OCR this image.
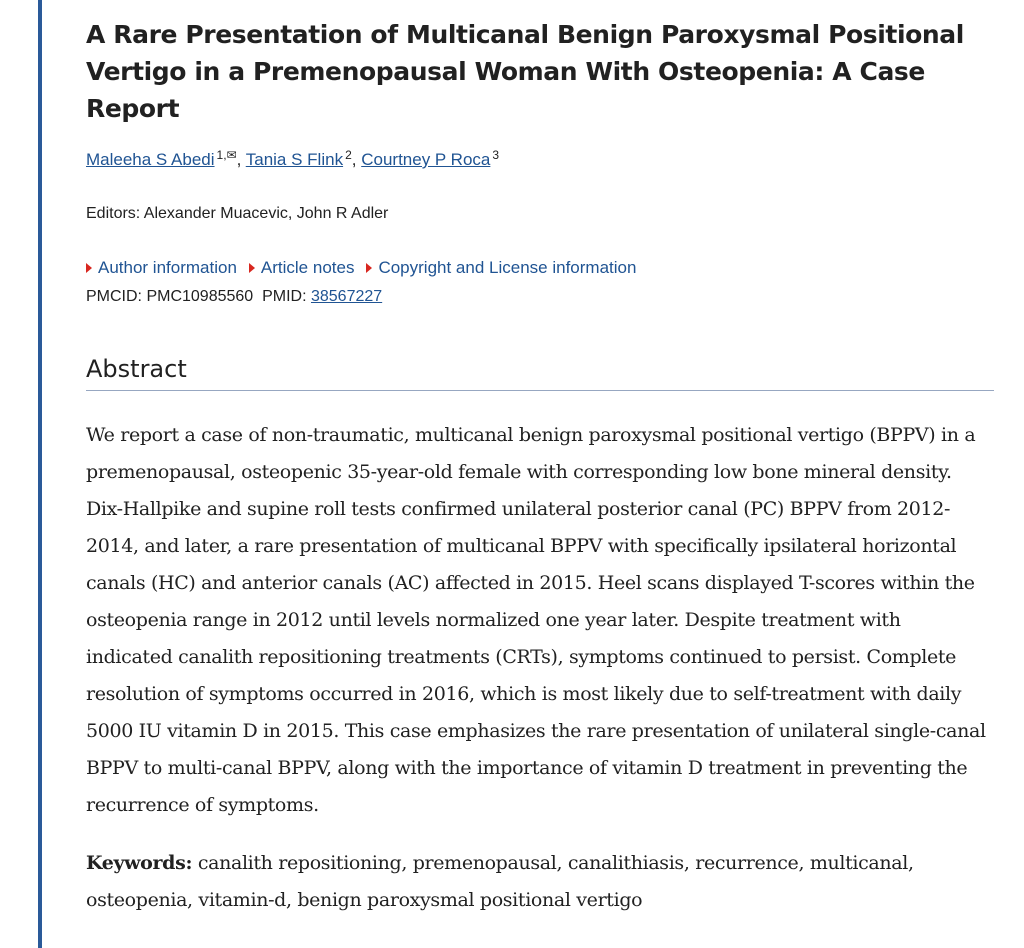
A Rare Presentation of Multicanal Benign Paroxysmal Positional Vertigo in a Premenopausal Woman With Osteopenia: A Case Report
Maleeha S Abedi $^{1,✉}$, Tania S Flink $^2$, Courtney P Roca $^3$
Editors: Alexander Muacevic, John R Adler
Author information Article notes Copyright and License information
PMCID: PMC10985560 PMID: 38567227
Abstract

We report a case of non-traumatic, multicanal benign paroxysmal positional vertigo (BPPV) in a premenopausal, osteopenic 35-year-old female with corresponding low bone mineral density. Dix-Hallpike and supine roll tests confirmed unilateral posterior canal (PC) BPPV from 2012-2014, and later, a rare presentation of multicanal BPPV with specifically ipsilateral horizontal canals (HC) and anterior canals (AC) affected in 2015. Heel scans displayed T-scores within the osteopenia range in 2012 until levels normalized one year later. Despite treatment with indicated canalith repositioning treatments (CRTs), symptoms continued to persist. Complete resolution of symptoms occurred in 2016, which is most likely due to self-treatment with daily 5000 IU vitamin D in 2015. This case emphasizes the rare presentation of unilateral single-canal BPPV to multi-canal BPPV, along with the importance of vitamin D treatment in preventing the recurrence of symptoms.

Keywords: canalith repositioning, premenopausal, canalithiasis, recurrence, multicanal, osteopenia, vitamin-d, benign paroxysmal positional vertigo
